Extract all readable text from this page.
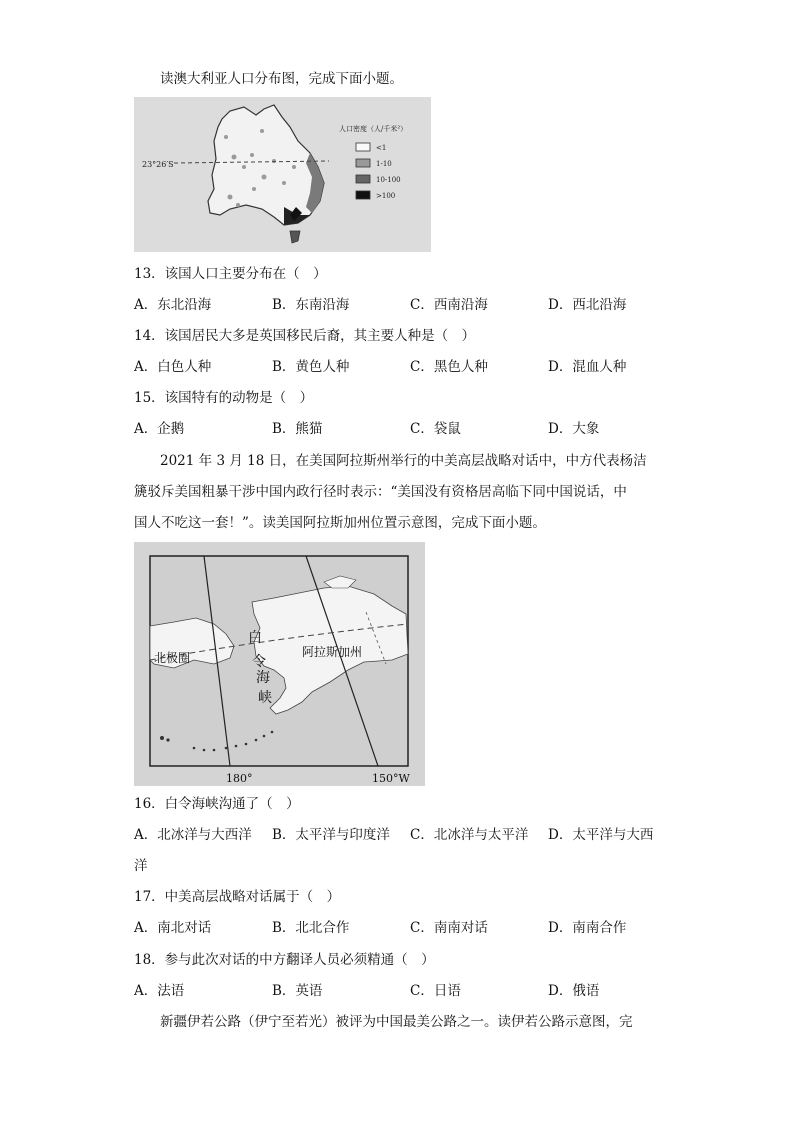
读澳大利亚人口分布图，完成下面小题。
23°26′S
人口密度（人/千米²）
<1
1-10
10-100
>100
13．该国人口主要分布在（　）
A．东北沿海	B．东南沿海	C．西南沿海	D．西北沿海
14．该国居民大多是英国移民后裔，其主要人种是（　）
A．白色人种	B．黄色人种	C．黑色人种	D．混血人种
15．该国特有的动物是（　）
A．企鹅	B．熊猫	C．袋鼠	D．大象
2021 年 3 月 18 日，在美国阿拉斯州举行的中美高层战略对话中，中方代表杨洁
篪驳斥美国粗暴干涉中国内政行径时表示：“美国没有资格居高临下同中国说话，中
国人不吃这一套！”。读美国阿拉斯加州位置示意图，完成下面小题。
白
令
海
峡
北极圈	阿拉斯加州
180°	150°W
16．白令海峡沟通了（　）
A．北冰洋与大西洋 B．太平洋与印度洋 C．北冰洋与太平洋 D．太平洋与大西
洋
17．中美高层战略对话属于（　）
A．南北对话	B．北北合作	C．南南对话	D．南南合作
18．参与此次对话的中方翻译人员必须精通（　）
A．法语	B．英语	C．日语	D．俄语
新疆伊若公路（伊宁至若光）被评为中国最美公路之一。读伊若公路示意图，完
